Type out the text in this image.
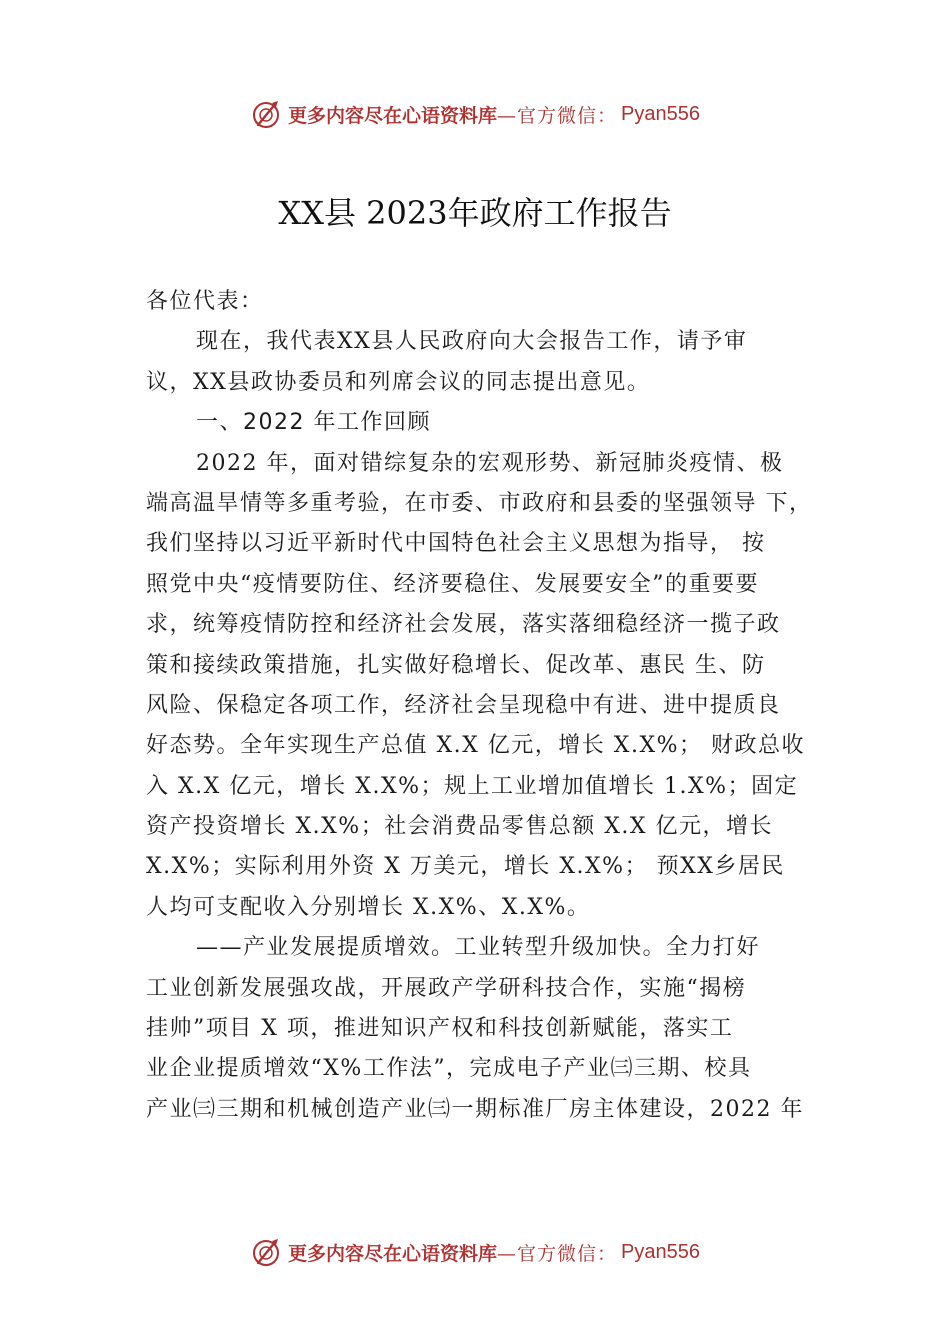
更多内容尽在心语资料库 —官方微信： Pyan556
XX县 2023年政府工作报告
各位代表：
现在，我代表XX县人民政府向大会报告工作，请予审
议，XX县政协委员和列席会议的同志提出意见。
一、2022 年工作回顾
2022 年，面对错综复杂的宏观形势、新冠肺炎疫情、极
端高温旱情等多重考验，在市委、市政府和县委的坚强领导 下，
我们坚持以习近平新时代中国特色社会主义思想为指导， 按
照党中央“疫情要防住、经济要稳住、发展要安全”的重要要
求，统筹疫情防控和经济社会发展，落实落细稳经济一揽子政
策和接续政策措施，扎实做好稳增长、促改革、惠民 生、防
风险、保稳定各项工作，经济社会呈现稳中有进、进中提质良
好态势。全年实现生产总值 X.X 亿元，增长 X.X%； 财政总收
入 X.X 亿元，增长 X.X%；规上工业增加值增长 1.X%；固定
资产投资增长 X.X%；社会消费品零售总额 X.X 亿元，增长
X.X%；实际利用外资 X 万美元，增长 X.X%； 预XX乡居民
人均可支配收入分别增长 X.X%、X.X%。
——产业发展提质增效。工业转型升级加快。全力打好
工业创新发展强攻战，开展政产学研科技合作，实施“揭榜
挂帅”项目 X 项，推进知识产权和科技创新赋能，落实工
业企业提质增效“X%工作法”，完成电子产业㈢三期、校具
产业㈢三期和机械创造产业㈢一期标准厂房主体建设，2022 年
更多内容尽在心语资料库 —官方微信： Pyan556
